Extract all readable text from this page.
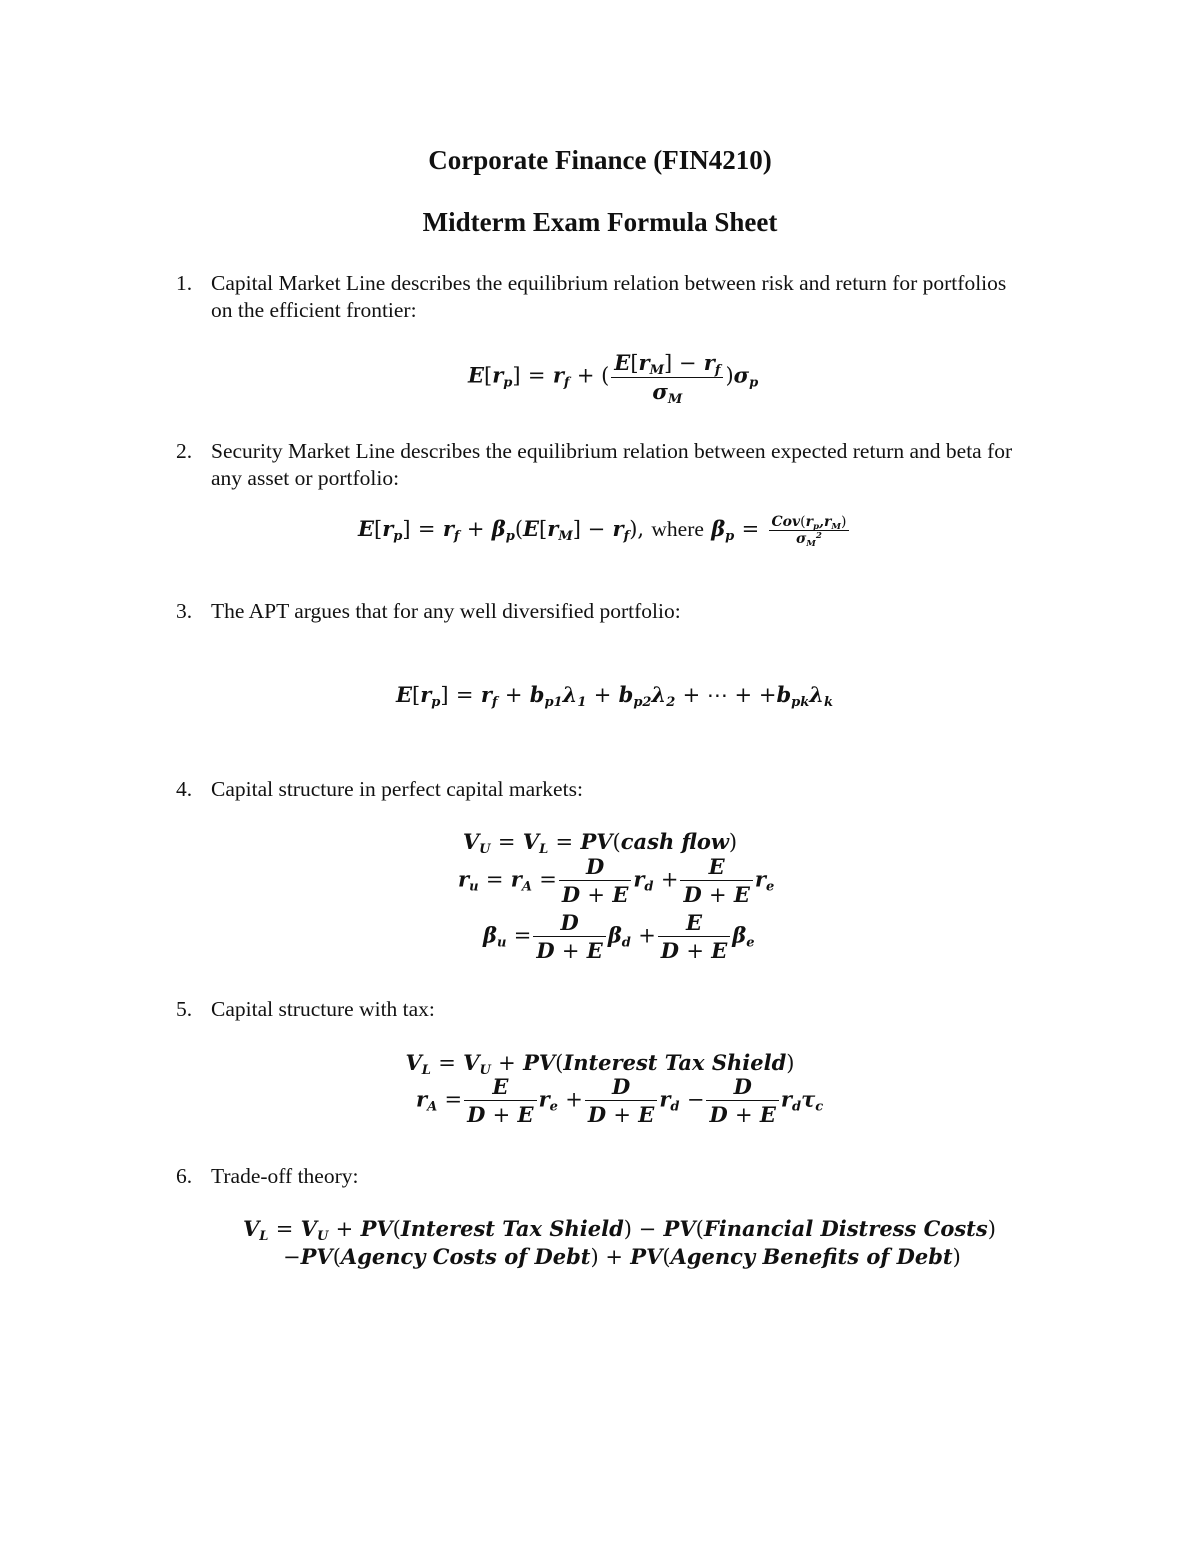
Corporate Finance (FIN4210)
Midterm Exam Formula Sheet
1. Capital Market Line describes the equilibrium relation between risk and return for portfolios on the efficient frontier:
$E[r_p] = r_f$ + ( $\frac{E[r_M] - r_f}{\sigma_M} )\sigma_p$
2. Security Market Line describes the equilibrium relation between expected return and beta for any asset or portfolio:
$E[r_p] = r_f + \beta_p(E[r_M] - r_f)$, where $\beta_p = \frac{Cov(r_p,r_M)}{\sigma_M^2}$
3. The APT argues that for any well diversified portfolio:
$E[r_p] = r_f + b_{p1}\lambda_1 + b_{p2}\lambda_2$ + ⋯ + $+b_{pk}\lambda_k$
4. Capital structure in perfect capital markets:
$V_U = V_L$ = PV(cash flow)
$r_u = r_A = \frac{D}{D + E} r_d + \frac{E}{D + E} r_e$
$\beta_u = \frac{D}{D + E} \beta_d + \frac{E}{D + E} \beta_e$
5. Capital structure with tax:
$V_L = V_U$ + PV(Interest Tax Shield)
$r_A = \frac{E}{D + E} r_e + \frac{D}{D + E} r_d - \frac{D}{D + E} r_d\tau_c$
6. Trade-off theory:
$V_L = V_U$ + PV(Interest Tax Shield) − PV(Financial Distress Costs)
−PV(Agency Costs of Debt) + PV(Agency Benefits of Debt)
